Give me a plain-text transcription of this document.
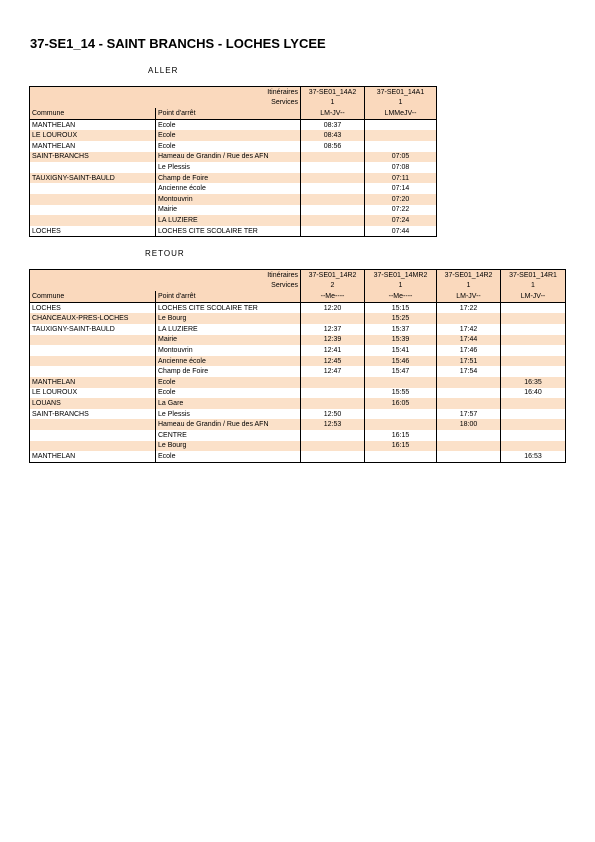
37-SE1_14 - SAINT BRANCHS - LOCHES LYCEE
ALLER
	Itinéraires	37-SE01_14A2	37-SE01_14A1
	Services	1	1
Commune	Point d'arrêt	LM-JV--	LMMeJV--
MANTHELAN	Ecole	08:37	
LE LOUROUX	Ecole	08:43	
MANTHELAN	Ecole	08:56	
SAINT-BRANCHS	Hameau de Grandin / Rue des AFN		07:05
	Le Plessis		07:08
TAUXIGNY-SAINT-BAULD	Champ de Foire		07:11
	Ancienne école		07:14
	Montouvrin		07:20
	Mairie		07:22
	LA LUZIERE		07:24
LOCHES	LOCHES CITE SCOLAIRE TER		07:44
RETOUR
	Itinéraires	37-SE01_14R2	37-SE01_14MR2	37-SE01_14R2	37-SE01_14R1
	Services	2	1	1	1
Commune	Point d'arrêt	--Me----	--Me----	LM-JV--	LM-JV--
LOCHES	LOCHES CITE SCOLAIRE TER	12:20	15:15	17:22	
CHANCEAUX-PRES-LOCHES	Le Bourg		15:25		
TAUXIGNY-SAINT-BAULD	LA LUZIERE	12:37	15:37	17:42	
	Mairie	12:39	15:39	17:44	
	Montouvrin	12:41	15:41	17:46	
	Ancienne école	12:45	15:46	17:51	
	Champ de Foire	12:47	15:47	17:54	
MANTHELAN	Ecole				16:35
LE LOUROUX	Ecole		15:55		16:40
LOUANS	La Gare		16:05		
SAINT-BRANCHS	Le Plessis	12:50		17:57	
	Hameau de Grandin / Rue des AFN	12:53		18:00	
	CENTRE		16:15		
	Le Bourg		16:15		
MANTHELAN	Ecole				16:53
